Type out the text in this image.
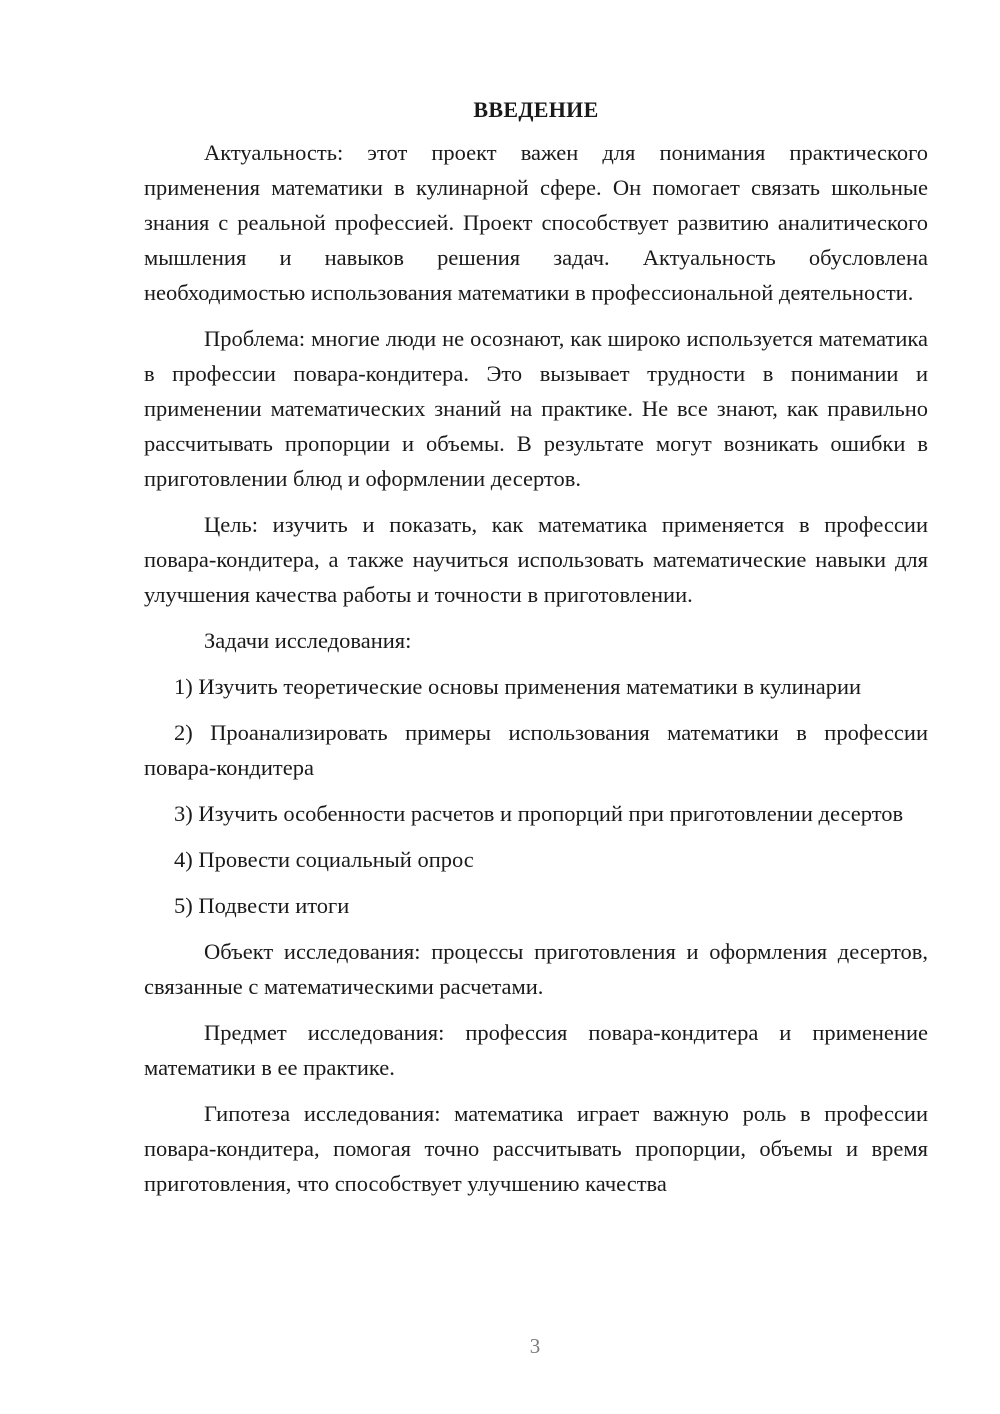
ВВЕДЕНИЕ

Актуальность: этот проект важен для понимания практического применения математики в кулинарной сфере. Он помогает связать школьные знания с реальной профессией. Проект способствует развитию аналитического мышления и навыков решения задач. Актуальность обусловлена необходимостью использования математики в профессиональной деятельности.

Проблема: многие люди не осознают, как широко используется математика в профессии повара-кондитера. Это вызывает трудности в понимании и применении математических знаний на практике. Не все знают, как правильно рассчитывать пропорции и объемы. В результате могут возникать ошибки в приготовлении блюд и оформлении десертов.

Цель: изучить и показать, как математика применяется в профессии повара-кондитера, а также научиться использовать математические навыки для улучшения качества работы и точности в приготовлении.

Задачи исследования:

1) Изучить теоретические основы применения математики в кулинарии

2) Проанализировать примеры использования математики в профессии повара-кондитера

3) Изучить особенности расчетов и пропорций при приготовлении десертов

4) Провести социальный опрос

5) Подвести итоги

Объект исследования: процессы приготовления и оформления десертов, связанные с математическими расчетами.

Предмет исследования: профессия повара-кондитера и применение математики в ее практике.

Гипотеза исследования: математика играет важную роль в профессии повара-кондитера, помогая точно рассчитывать пропорции, объемы и время приготовления, что способствует улучшению качества

3
